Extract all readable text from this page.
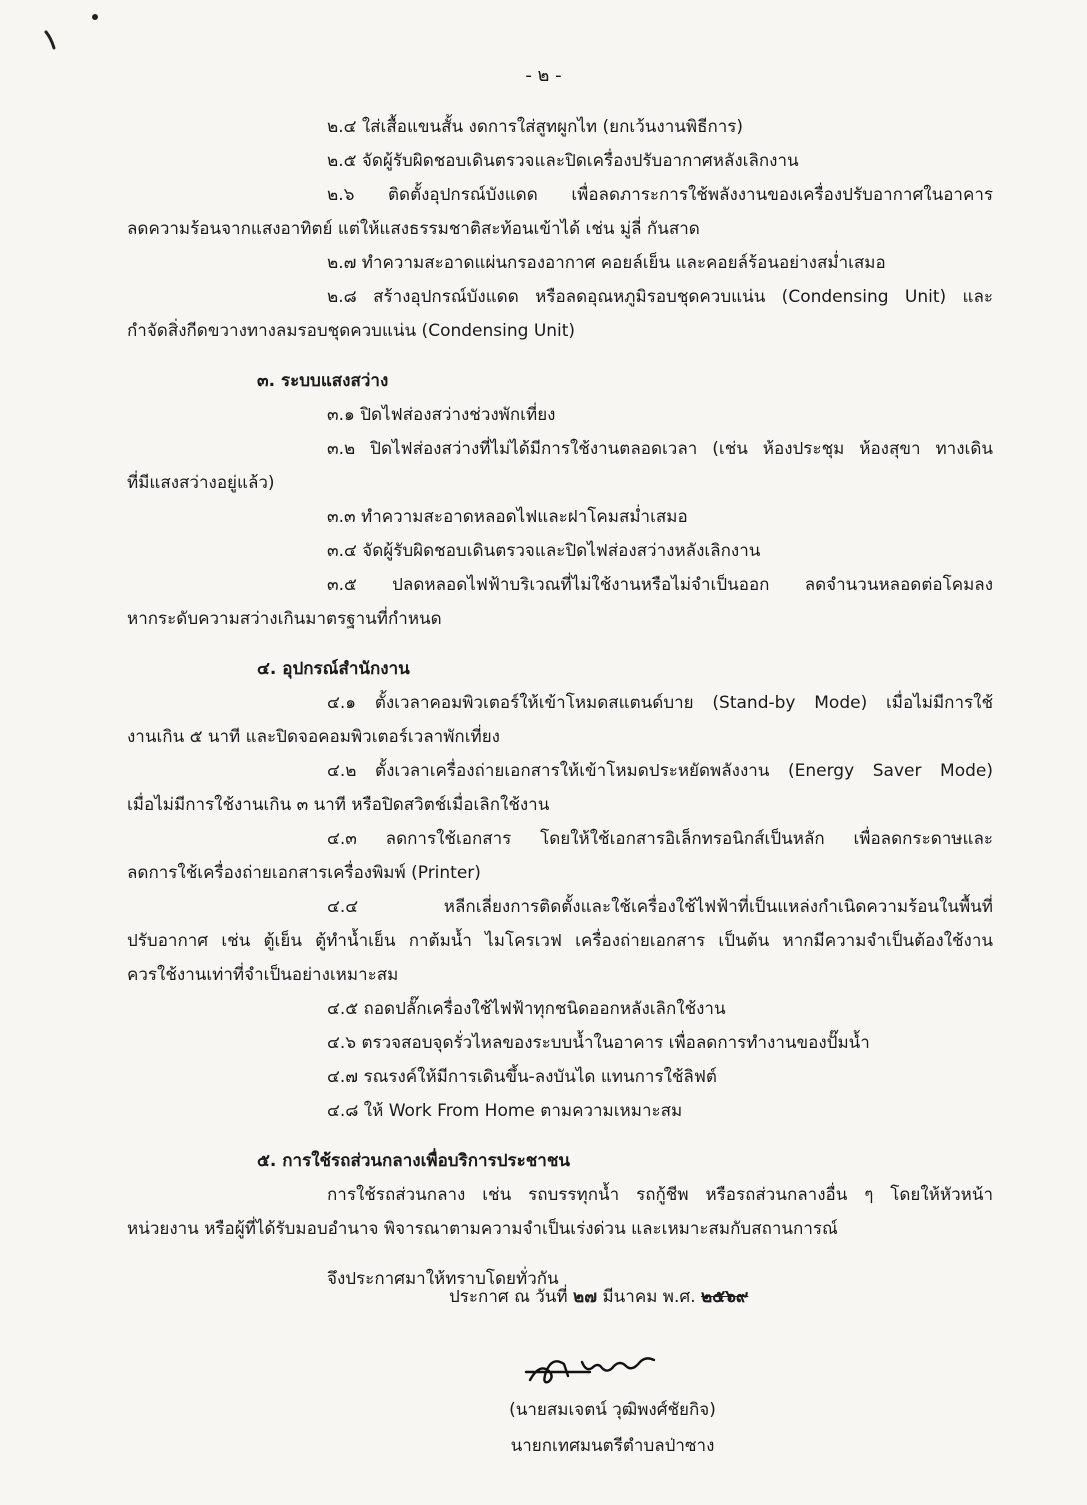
- ๒ -
๒.๔ ใส่เสื้อแขนสั้น งดการใส่สูทผูกไท (ยกเว้นงานพิธีการ)
๒.๕ จัดผู้รับผิดชอบเดินตรวจและปิดเครื่องปรับอากาศหลังเลิกงาน
๒.๖ ติดตั้งอุปกรณ์บังแดด เพื่อลดภาระการใช้พลังงานของเครื่องปรับอากาศในอาคาร
ลดความร้อนจากแสงอาทิตย์ แต่ให้แสงธรรมชาติสะท้อนเข้าได้ เช่น มู่ลี่ กันสาด
๒.๗ ทำความสะอาดแผ่นกรองอากาศ คอยล์เย็น และคอยล์ร้อนอย่างสม่ำเสมอ
๒.๘ สร้างอุปกรณ์บังแดด หรือลดอุณหภูมิรอบชุดควบแน่น (Condensing Unit) และ
กำจัดสิ่งกีดขวางทางลมรอบชุดควบแน่น (Condensing Unit)
๓. ระบบแสงสว่าง
๓.๑ ปิดไฟส่องสว่างช่วงพักเที่ยง
๓.๒ ปิดไฟส่องสว่างที่ไม่ได้มีการใช้งานตลอดเวลา (เช่น ห้องประชุม ห้องสุขา ทางเดิน
ที่มีแสงสว่างอยู่แล้ว)
๓.๓ ทำความสะอาดหลอดไฟและฝาโคมสม่ำเสมอ
๓.๔ จัดผู้รับผิดชอบเดินตรวจและปิดไฟส่องสว่างหลังเลิกงาน
๓.๕ ปลดหลอดไฟฟ้าบริเวณที่ไม่ใช้งานหรือไม่จำเป็นออก ลดจำนวนหลอดต่อโคมลง
หากระดับความสว่างเกินมาตรฐานที่กำหนด
๔. อุปกรณ์สำนักงาน
๔.๑ ตั้งเวลาคอมพิวเตอร์ให้เข้าโหมดสแตนด์บาย (Stand-by Mode) เมื่อไม่มีการใช้
งานเกิน ๕ นาที และปิดจอคอมพิวเตอร์เวลาพักเที่ยง
๔.๒ ตั้งเวลาเครื่องถ่ายเอกสารให้เข้าโหมดประหยัดพลังงาน (Energy Saver Mode)
เมื่อไม่มีการใช้งานเกิน ๓ นาที หรือปิดสวิตช์เมื่อเลิกใช้งาน
๔.๓ ลดการใช้เอกสาร โดยให้ใช้เอกสารอิเล็กทรอนิกส์เป็นหลัก เพื่อลดกระดาษและ
ลดการใช้เครื่องถ่ายเอกสารเครื่องพิมพ์ (Printer)
๔.๔ หลีกเลี่ยงการติดตั้งและใช้เครื่องใช้ไฟฟ้าที่เป็นแหล่งกำเนิดความร้อนในพื้นที่
ปรับอากาศ เช่น ตู้เย็น ตู้ทำน้ำเย็น กาต้มน้ำ ไมโครเวฟ เครื่องถ่ายเอกสาร เป็นต้น หากมีความจำเป็นต้องใช้งาน
ควรใช้งานเท่าที่จำเป็นอย่างเหมาะสม
๔.๕ ถอดปลั๊กเครื่องใช้ไฟฟ้าทุกชนิดออกหลังเลิกใช้งาน
๔.๖ ตรวจสอบจุดรั่วไหลของระบบน้ำในอาคาร เพื่อลดการทำงานของปั๊มน้ำ
๔.๗ รณรงค์ให้มีการเดินขึ้น-ลงบันได แทนการใช้ลิฟต์
๔.๘ ให้ Work From Home ตามความเหมาะสม
๕. การใช้รถส่วนกลางเพื่อบริการประชาชน
การใช้รถส่วนกลาง เช่น รถบรรทุกน้ำ รถกู้ชีพ หรือรถส่วนกลางอื่น ๆ โดยให้หัวหน้า
หน่วยงาน หรือผู้ที่ได้รับมอบอำนาจ พิจารณาตามความจำเป็นเร่งด่วน และเหมาะสมกับสถานการณ์
จึงประกาศมาให้ทราบโดยทั่วกัน
ประกาศ ณ วันที่ ๒๗ มีนาคม พ.ศ. ๒๕๖๙
(นายสมเจตน์ วุฒิพงศ์ชัยกิจ)
นายกเทศมนตรีตำบลป่าซาง
